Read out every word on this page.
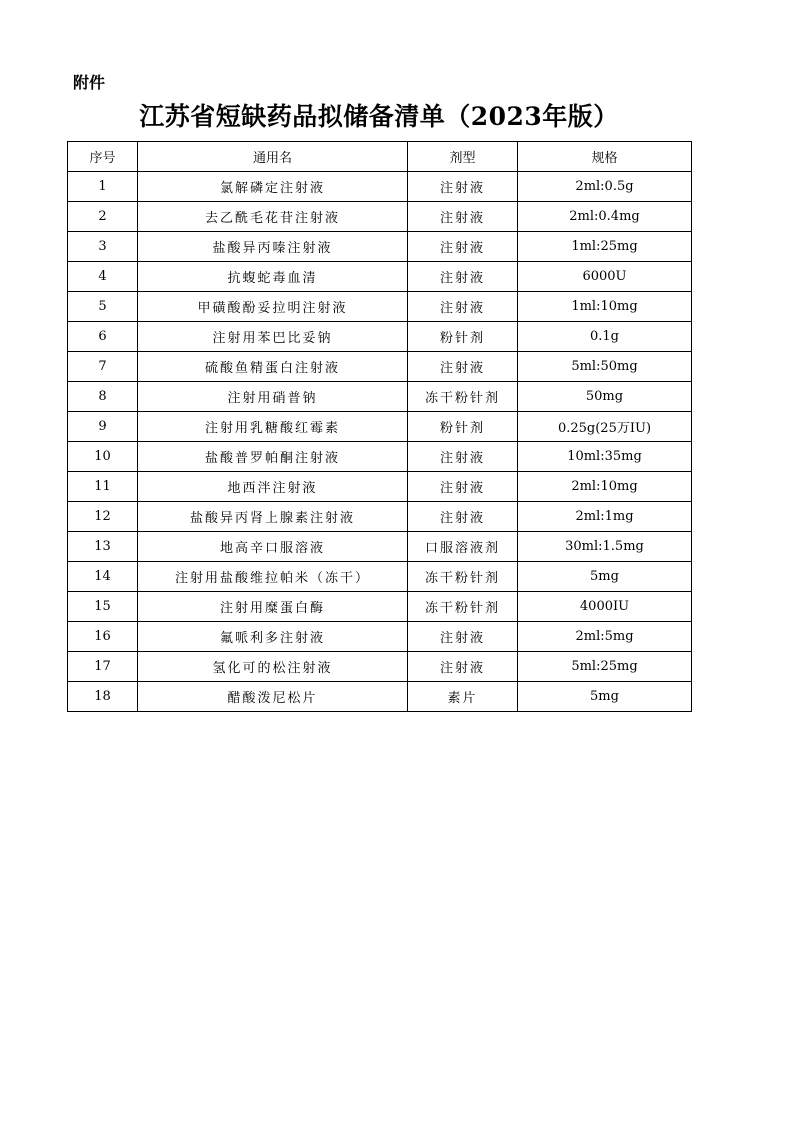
附件
江苏省短缺药品拟储备清单（2023年版）
序号	通用名	剂型	规格
1	氯解磷定注射液	注射液	2ml:0.5g
2	去乙酰毛花苷注射液	注射液	2ml:0.4mg
3	盐酸异丙嗪注射液	注射液	1ml:25mg
4	抗蝮蛇毒血清	注射液	6000U
5	甲磺酸酚妥拉明注射液	注射液	1ml:10mg
6	注射用苯巴比妥钠	粉针剂	0.1g
7	硫酸鱼精蛋白注射液	注射液	5ml:50mg
8	注射用硝普钠	冻干粉针剂	50mg
9	注射用乳糖酸红霉素	粉针剂	0.25g(25万IU)
10	盐酸普罗帕酮注射液	注射液	10ml:35mg
11	地西泮注射液	注射液	2ml:10mg
12	盐酸异丙肾上腺素注射液	注射液	2ml:1mg
13	地高辛口服溶液	口服溶液剂	30ml:1.5mg
14	注射用盐酸维拉帕米（冻干）	冻干粉针剂	5mg
15	注射用糜蛋白酶	冻干粉针剂	4000IU
16	氟哌利多注射液	注射液	2ml:5mg
17	氢化可的松注射液	注射液	5ml:25mg
18	醋酸泼尼松片	素片	5mg
